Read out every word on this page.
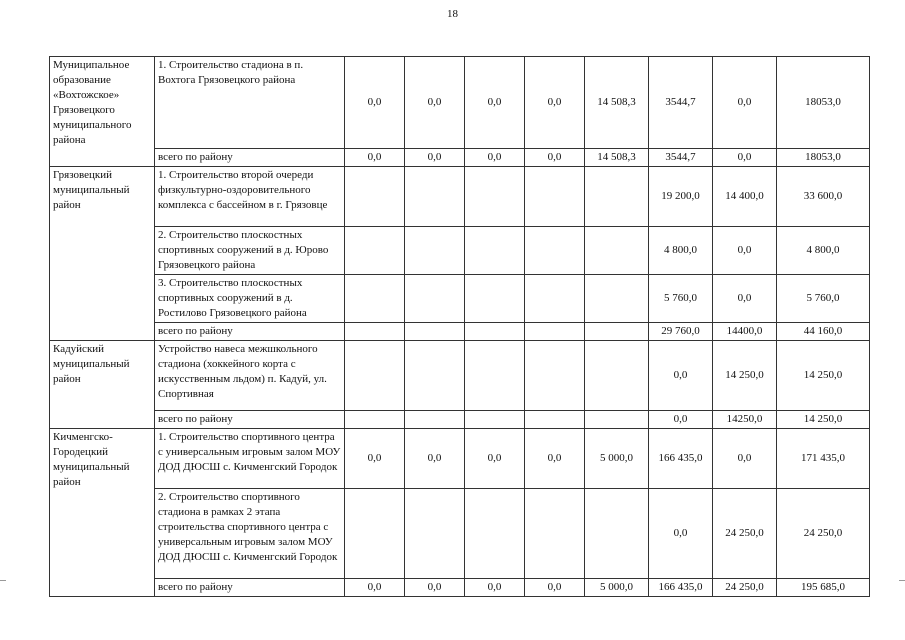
18
Муниципальное образование «Вохтожское» Грязовецкого муниципального района	1. Строительство стадиона в п. Вохтога Грязовецкого района	0,0	0,0	0,0	0,0	14 508,3	3544,7	0,0	18053,0
	всего по району	0,0	0,0	0,0	0,0	14 508,3	3544,7	0,0	18053,0
Грязовецкий муниципальный район	1. Строительство второй очереди физкультурно-оздоровительного комплекса с бассейном в г. Грязовце						19 200,0	14 400,0	33 600,0
	2. Строительство плоскостных спортивных сооружений в д. Юрово Грязовецкого района						4 800,0	0,0	4 800,0
	3. Строительство плоскостных спортивных сооружений в д. Ростилово Грязовецкого района						5 760,0	0,0	5 760,0
	всего по району						29 760,0	14400,0	44 160,0
Кадуйский муниципальный район	Устройство навеса межшкольного стадиона (хоккейного корта с искусственным льдом) п. Кадуй, ул. Спортивная						0,0	14 250,0	14 250,0
	всего по району						0,0	14250,0	14 250,0
Кичменгско-Городецкий муниципальный район	1. Строительство спортивного центра с универсальным игровым залом МОУ ДОД ДЮСШ с. Кичменгский Городок	0,0	0,0	0,0	0,0	5 000,0	166 435,0	0,0	171 435,0
	2. Строительство спортивного стадиона в рамках 2 этапа строительства спортивного центра с универсальным игровым залом МОУ ДОД ДЮСШ с. Кичменгский Городок						0,0	24 250,0	24 250,0
	всего по району	0,0	0,0	0,0	0,0	5 000,0	166 435,0	24 250,0	195 685,0
